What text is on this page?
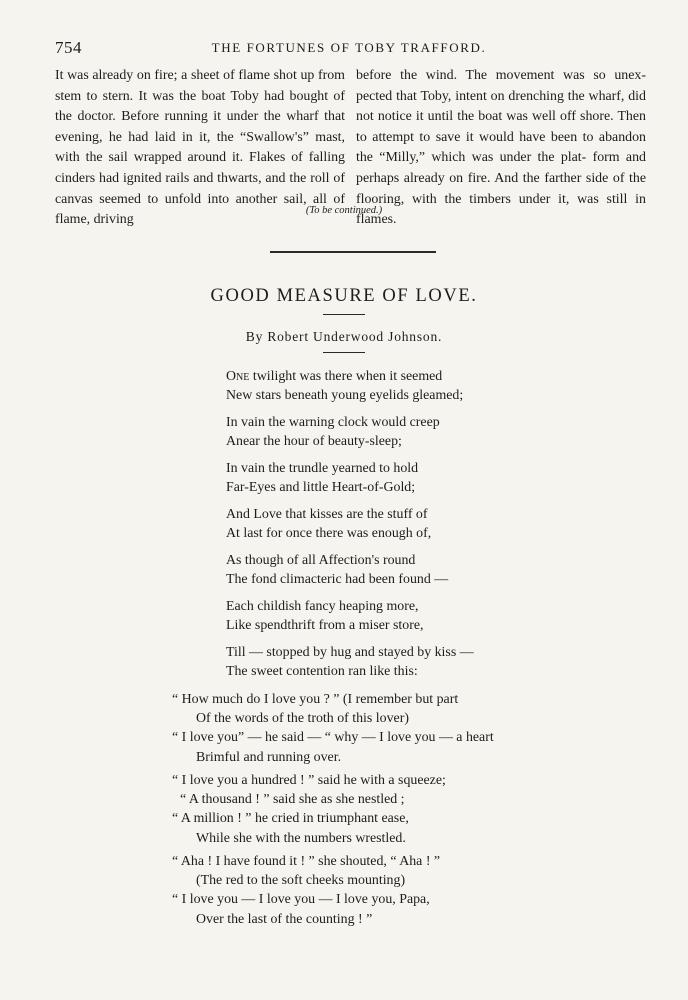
754	THE FORTUNES OF TOBY TRAFFORD.
It was already on fire; a sheet of flame shot up from stem to stern. It was the boat Toby had bought of the doctor. Before running it under the wharf that evening, he had laid in it, the “Swallow's” mast, with the sail wrapped around it. Flakes of falling cinders had ignited rails and thwarts, and the roll of canvas seemed to unfold into another sail, all of flame, driving
before the wind. The movement was so unex- pected that Toby, intent on drenching the wharf, did not notice it until the boat was well off shore. Then to attempt to save it would have been to abandon the “Milly,” which was under the plat- form and perhaps already on fire. And the farther side of the flooring, with the timbers under it, was still in flames.
(To be continued.)
GOOD MEASURE OF LOVE.
By Robert Underwood Johnson.
One twilight was there when it seemed
New stars beneath young eyelids gleamed;
In vain the warning clock would creep
Anear the hour of beauty-sleep;
In vain the trundle yearned to hold
Far-Eyes and little Heart-of-Gold;
And Love that kisses are the stuff of
At last for once there was enough of,
As though of all Affection's round
The fond climacteric had been found —
Each childish fancy heaping more,
Like spendthrift from a miser store,
Till — stopped by hug and stayed by kiss —
The sweet contention ran like this:
“ How much do I love you ? ” (I remember but part
Of the words of the troth of this lover)
“ I love you” — he said — “ why — I love you — a heart
Brimful and running over.
“ I love you a hundred ! ” said he with a squeeze;
“ A thousand ! ” said she as she nestled ;
“ A million ! ” he cried in triumphant ease,
While she with the numbers wrestled.
“ Aha ! I have found it ! ” she shouted, “ Aha ! ”
(The red to the soft cheeks mounting)
“ I love you — I love you — I love you, Papa,
Over the last of the counting ! ”
